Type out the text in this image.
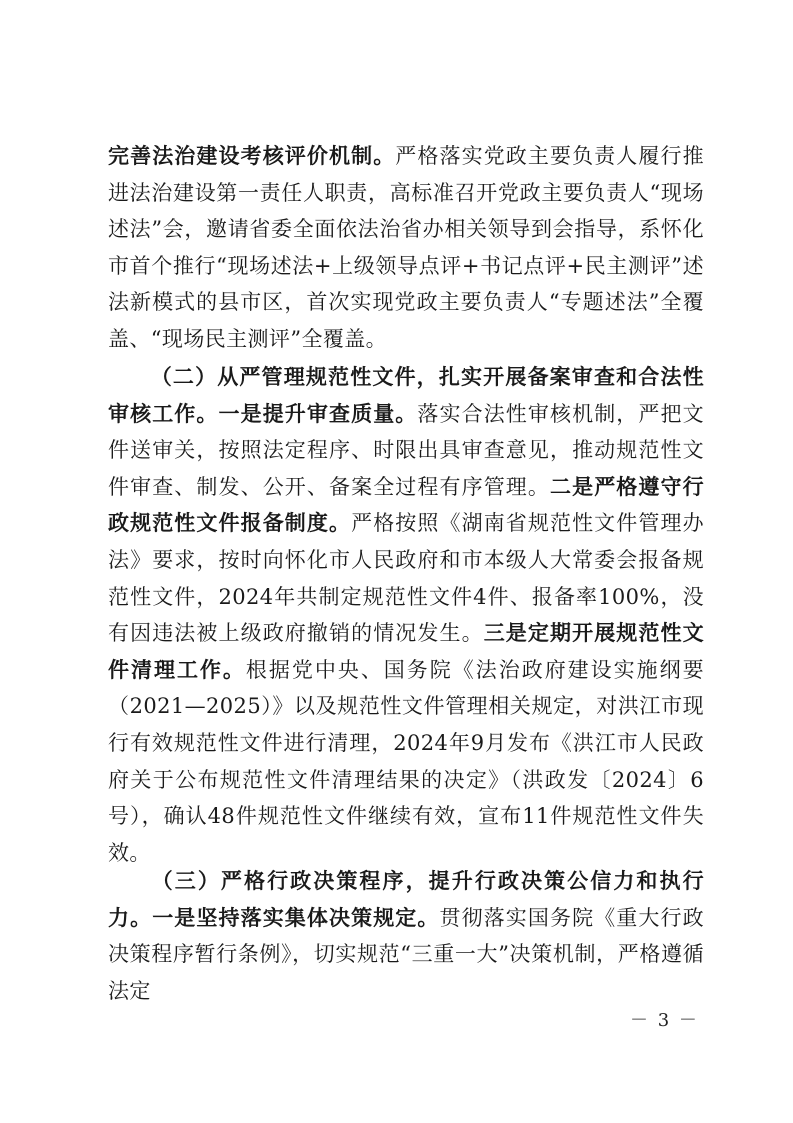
完善法治建设考核评价机制。严格落实党政主要负责人履行推进法治建设第一责任人职责，高标准召开党政主要负责人“现场述法”会，邀请省委全面依法治省办相关领导到会指导，系怀化市首个推行“现场述法+上级领导点评+书记点评+民主测评”述法新模式的县市区，首次实现党政主要负责人“专题述法”全覆盖、“现场民主测评”全覆盖。

（二）从严管理规范性文件，扎实开展备案审查和合法性审核工作。一是提升审查质量。落实合法性审核机制，严把文件送审关，按照法定程序、时限出具审查意见，推动规范性文件审查、制发、公开、备案全过程有序管理。二是严格遵守行政规范性文件报备制度。严格按照《湖南省规范性文件管理办法》要求，按时向怀化市人民政府和市本级人大常委会报备规范性文件，2024年共制定规范性文件4件、报备率100%，没有因违法被上级政府撤销的情况发生。三是定期开展规范性文件清理工作。根据党中央、国务院《法治政府建设实施纲要（2021—2025）》以及规范性文件管理相关规定，对洪江市现行有效规范性文件进行清理，2024年9月发布《洪江市人民政府关于公布规范性文件清理结果的决定》（洪政发〔2024〕6号），确认48件规范性文件继续有效，宣布11件规范性文件失效。

（三）严格行政决策程序，提升行政决策公信力和执行力。一是坚持落实集体决策规定。贯彻落实国务院《重大行政决策程序暂行条例》，切实规范“三重一大”决策机制，严格遵循法定

－ 3 －
